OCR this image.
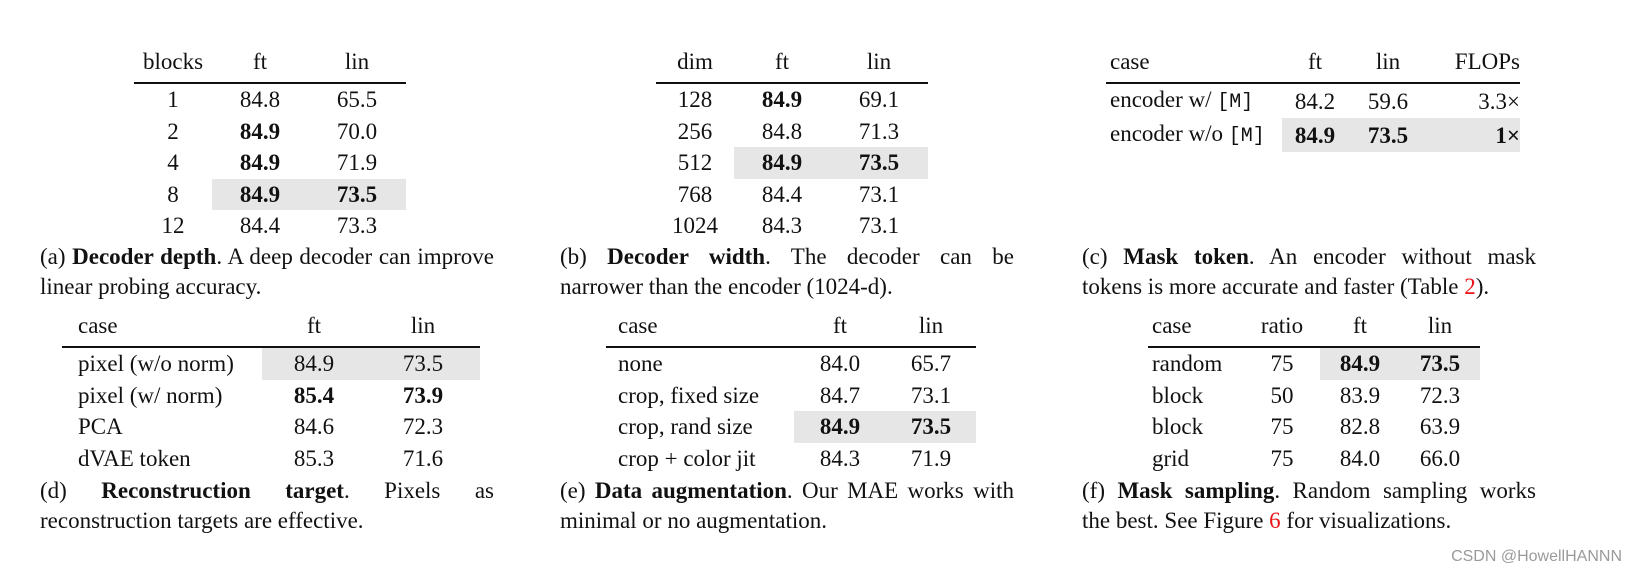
blocks	ft	lin
1	84.8	65.5
2	84.9	70.0
4	84.9	71.9
8	84.9	73.5
12	84.4	73.3
dim	ft	lin
128	84.9	69.1
256	84.8	71.3
512	84.9	73.5
768	84.4	73.1
1024	84.3	73.1
case	ft	lin	FLOPs
encoder w/ [M]	84.2	59.6	3.3×
encoder w/o [M]	84.9	73.5	1×
(a) Decoder depth. A deep decoder can improve linear probing accuracy.
(b) Decoder width. The decoder can be narrower than the encoder (1024-d).
(c) Mask token. An encoder without mask tokens is more accurate and faster (Table 2).
case	ft	lin
pixel (w/o norm)	84.9	73.5
pixel (w/ norm)	85.4	73.9
PCA	84.6	72.3
dVAE token	85.3	71.6
case	ft	lin
none	84.0	65.7
crop, fixed size	84.7	73.1
crop, rand size	84.9	73.5
crop + color jit	84.3	71.9
case	ratio	ft	lin
random	75	84.9	73.5
block	50	83.9	72.3
block	75	82.8	63.9
grid	75	84.0	66.0
(d) Reconstruction target. Pixels as reconstruction targets are effective.
(e) Data augmentation. Our MAE works with minimal or no augmentation.
(f) Mask sampling. Random sampling works the best. See Figure 6 for visualizations.
CSDN @HowellHANNN
